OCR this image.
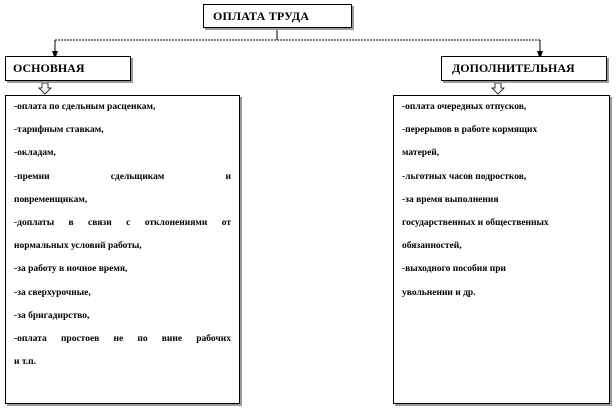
ОПЛАТА ТРУДА
ОСНОВНАЯ	ДОПОЛНИТЕЛЬНАЯ
-оплата по сдельным расценкам,
-тарифным ставкам,
-окладам,
-премии сдельщикам и
повременщикам,
-доплаты в связи с отклонениями от
нормальных условий работы,
-за работу в ночное время,
-за сверхурочные,
-за бригадирство,
-оплата простоев не по вине рабочих
и т.п.
-оплата очередных отпусков,
-перерывов в работе кормящих
матерей,
-льготных часов подростков,
-за время выполнения
государственных и общественных
обязанностей,
-выходного пособия при
увольнении и др.
